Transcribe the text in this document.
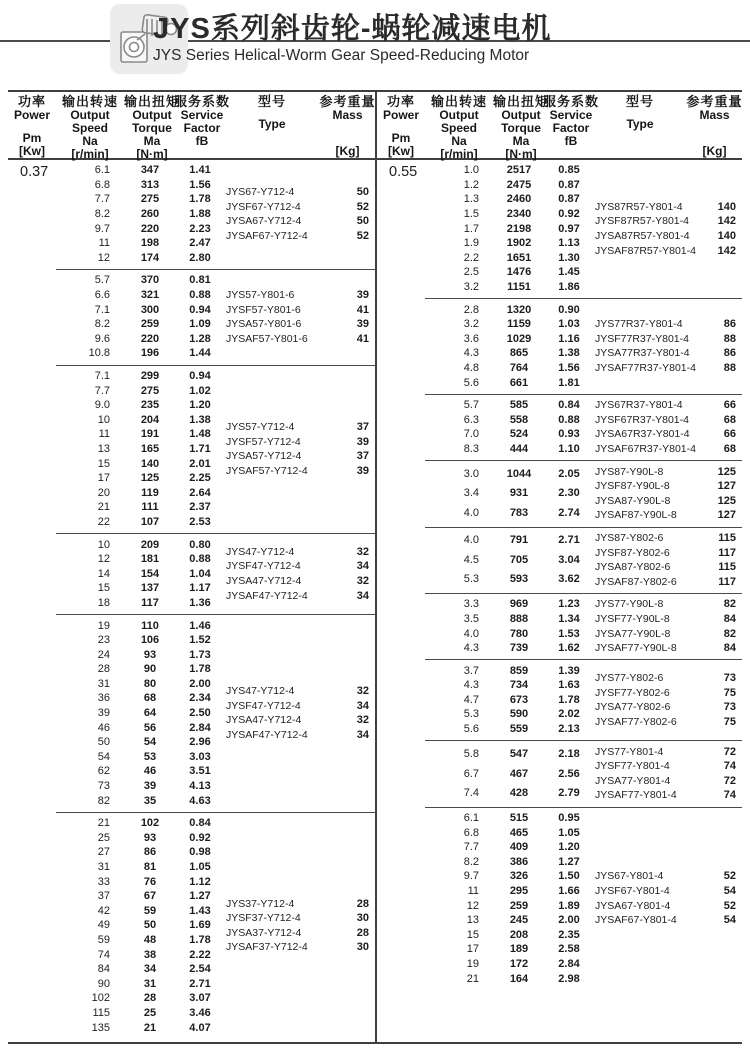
JYS系列斜齿轮-蜗轮减速电机
JYS Series Helical-Worm Gear Speed-Reducing Motor
功率
Power
Pm
[Kw]
输出转速
Output
Speed
Na
[r/min]
输出扭矩
Output
Torque
Ma
[N·m]
服务系数
Service
Factor
fB
型号
Type
参考重量
Mass
[Kg]
0.37	6.1	347	1.41
6.8	313	1.56
7.7	275	1.78
8.2	260	1.88
9.7	220	2.23
11	198	2.47
12	174	2.80
JYS67-Y712-4	50
JYSF67-Y712-4	52
JYSA67-Y712-4	50
JYSAF67-Y712-4	52
5.7	370	0.81
6.6	321	0.88
7.1	300	0.94
8.2	259	1.09
9.6	220	1.28
10.8	196	1.44
JYS57-Y801-6	39
JYSF57-Y801-6	41
JYSA57-Y801-6	39
JYSAF57-Y801-6	41
7.1	299	0.94
7.7	275	1.02
9.0	235	1.20
10	204	1.38
11	191	1.48
13	165	1.71
15	140	2.01
17	125	2.25
20	119	2.64
21	111	2.37
22	107	2.53
JYS57-Y712-4	37
JYSF57-Y712-4	39
JYSA57-Y712-4	37
JYSAF57-Y712-4	39
10	209	0.80
12	181	0.88
14	154	1.04
15	137	1.17
18	117	1.36
JYS47-Y712-4	32
JYSF47-Y712-4	34
JYSA47-Y712-4	32
JYSAF47-Y712-4	34
19	110	1.46
23	106	1.52
24	93	1.73
28	90	1.78
31	80	2.00
36	68	2.34
39	64	2.50
46	56	2.84
50	54	2.96
54	53	3.03
62	46	3.51
73	39	4.13
82	35	4.63
JYS47-Y712-4	32
JYSF47-Y712-4	34
JYSA47-Y712-4	32
JYSAF47-Y712-4	34
21	102	0.84
25	93	0.92
27	86	0.98
31	81	1.05
33	76	1.12
37	67	1.27
42	59	1.43
49	50	1.69
59	48	1.78
74	38	2.22
84	34	2.54
90	31	2.71
102	28	3.07
115	25	3.46
135	21	4.07
JYS37-Y712-4	28
JYSF37-Y712-4	30
JYSA37-Y712-4	28
JYSAF37-Y712-4	30
功率
Power
Pm
[Kw]
输出转速
Output
Speed
Na
[r/min]
输出扭矩
Output
Torque
Ma
[N·m]
服务系数
Service
Factor
fB
型号
Type
参考重量
Mass
[Kg]
0.55	1.0	2517	0.85
1.2	2475	0.87
1.3	2460	0.87
1.5	2340	0.92
1.7	2198	0.97
1.9	1902	1.13
2.2	1651	1.30
2.5	1476	1.45
3.2	1151	1.86
JYS87R57-Y801-4	140
JYSF87R57-Y801-4	142
JYSA87R57-Y801-4	140
JYSAF87R57-Y801-4	142
2.8	1320	0.90
3.2	1159	1.03
3.6	1029	1.16
4.3	865	1.38
4.8	764	1.56
5.6	661	1.81
JYS77R37-Y801-4	86
JYSF77R37-Y801-4	88
JYSA77R37-Y801-4	86
JYSAF77R37-Y801-4	88
5.7	585	0.84
6.3	558	0.88
7.0	524	0.93
8.3	444	1.10
JYS67R37-Y801-4	66
JYSF67R37-Y801-4	68
JYSA67R37-Y801-4	66
JYSAF67R37-Y801-4	68
3.0	1044	2.05
3.4	931	2.30
4.0	783	2.74
JYS87-Y90L-8	125
JYSF87-Y90L-8	127
JYSA87-Y90L-8	125
JYSAF87-Y90L-8	127
4.0	791	2.71
4.5	705	3.04
5.3	593	3.62
JYS87-Y802-6	115
JYSF87-Y802-6	117
JYSA87-Y802-6	115
JYSAF87-Y802-6	117
3.3	969	1.23
3.5	888	1.34
4.0	780	1.53
4.3	739	1.62
JYS77-Y90L-8	82
JYSF77-Y90L-8	84
JYSA77-Y90L-8	82
JYSAF77-Y90L-8	84
3.7	859	1.39
4.3	734	1.63
4.7	673	1.78
5.3	590	2.02
5.6	559	2.13
JYS77-Y802-6	73
JYSF77-Y802-6	75
JYSA77-Y802-6	73
JYSAF77-Y802-6	75
5.8	547	2.18
6.7	467	2.56
7.4	428	2.79
JYS77-Y801-4	72
JYSF77-Y801-4	74
JYSA77-Y801-4	72
JYSAF77-Y801-4	74
6.1	515	0.95
6.8	465	1.05
7.7	409	1.20
8.2	386	1.27
9.7	326	1.50
11	295	1.66
12	259	1.89
13	245	2.00
15	208	2.35
17	189	2.58
19	172	2.84
21	164	2.98
JYS67-Y801-4	52
JYSF67-Y801-4	54
JYSA67-Y801-4	52
JYSAF67-Y801-4	54
